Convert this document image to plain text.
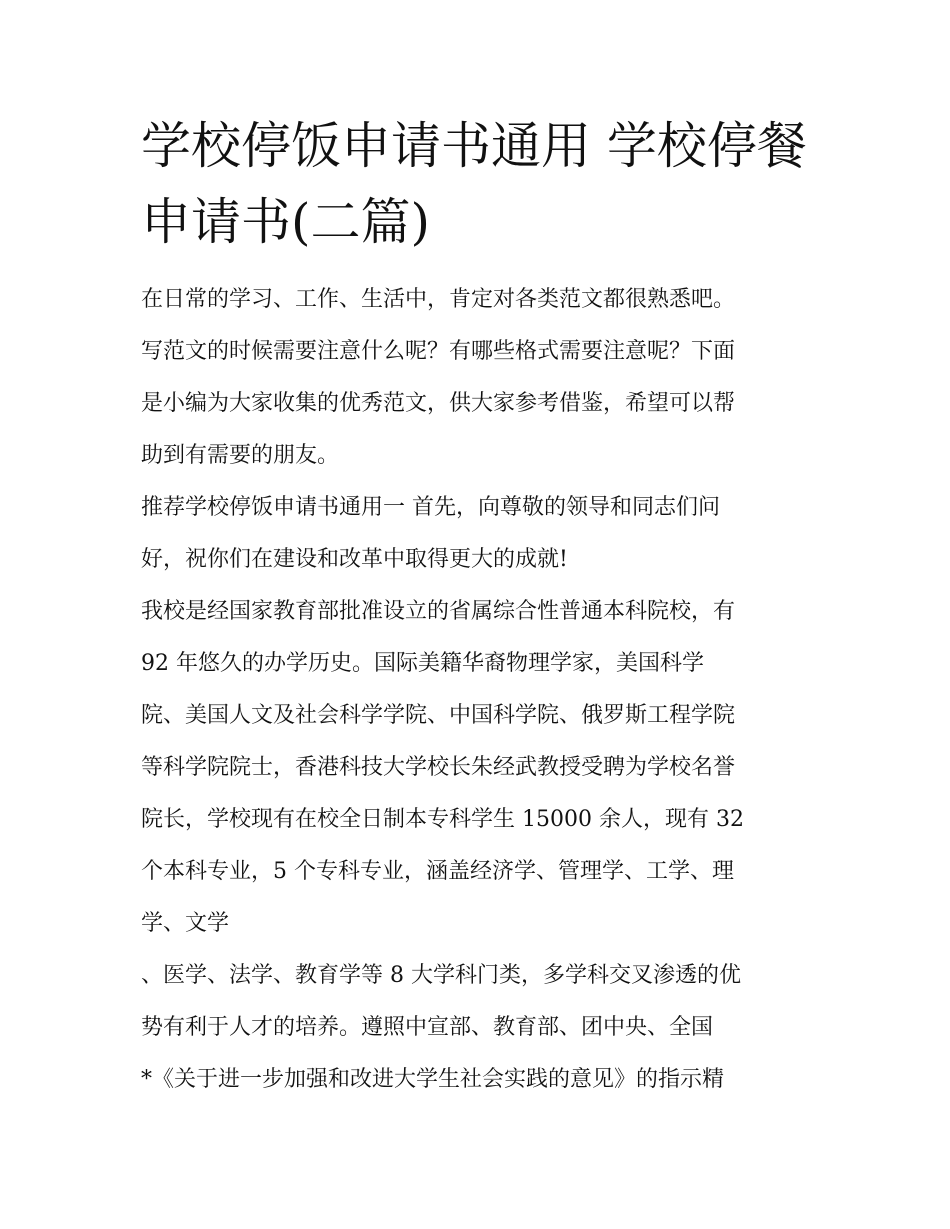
学校停饭申请书通用 学校停餐
申请书(二篇)
在日常的学习、工作、生活中，肯定对各类范文都很熟悉吧。
写范文的时候需要注意什么呢？有哪些格式需要注意呢？下面
是小编为大家收集的优秀范文，供大家参考借鉴，希望可以帮
助到有需要的朋友。
推荐学校停饭申请书通用一 首先，向尊敬的领导和同志们问
好，祝你们在建设和改革中取得更大的成就!
我校是经国家教育部批准设立的省属综合性普通本科院校，有
92 年悠久的办学历史。国际美籍华裔物理学家，美国科学
院、美国人文及社会科学学院、中国科学院、俄罗斯工程学院
等科学院院士，香港科技大学校长朱经武教授受聘为学校名誉
院长，学校现有在校全日制本专科学生 15000 余人，现有 32
个本科专业，5 个专科专业，涵盖经济学、管理学、工学、理
学、文学
、医学、法学、教育学等 8 大学科门类，多学科交叉渗透的优
势有利于人才的培养。遵照中宣部、教育部、团中央、全国
*《关于进一步加强和改进大学生社会实践的意见》的指示精
